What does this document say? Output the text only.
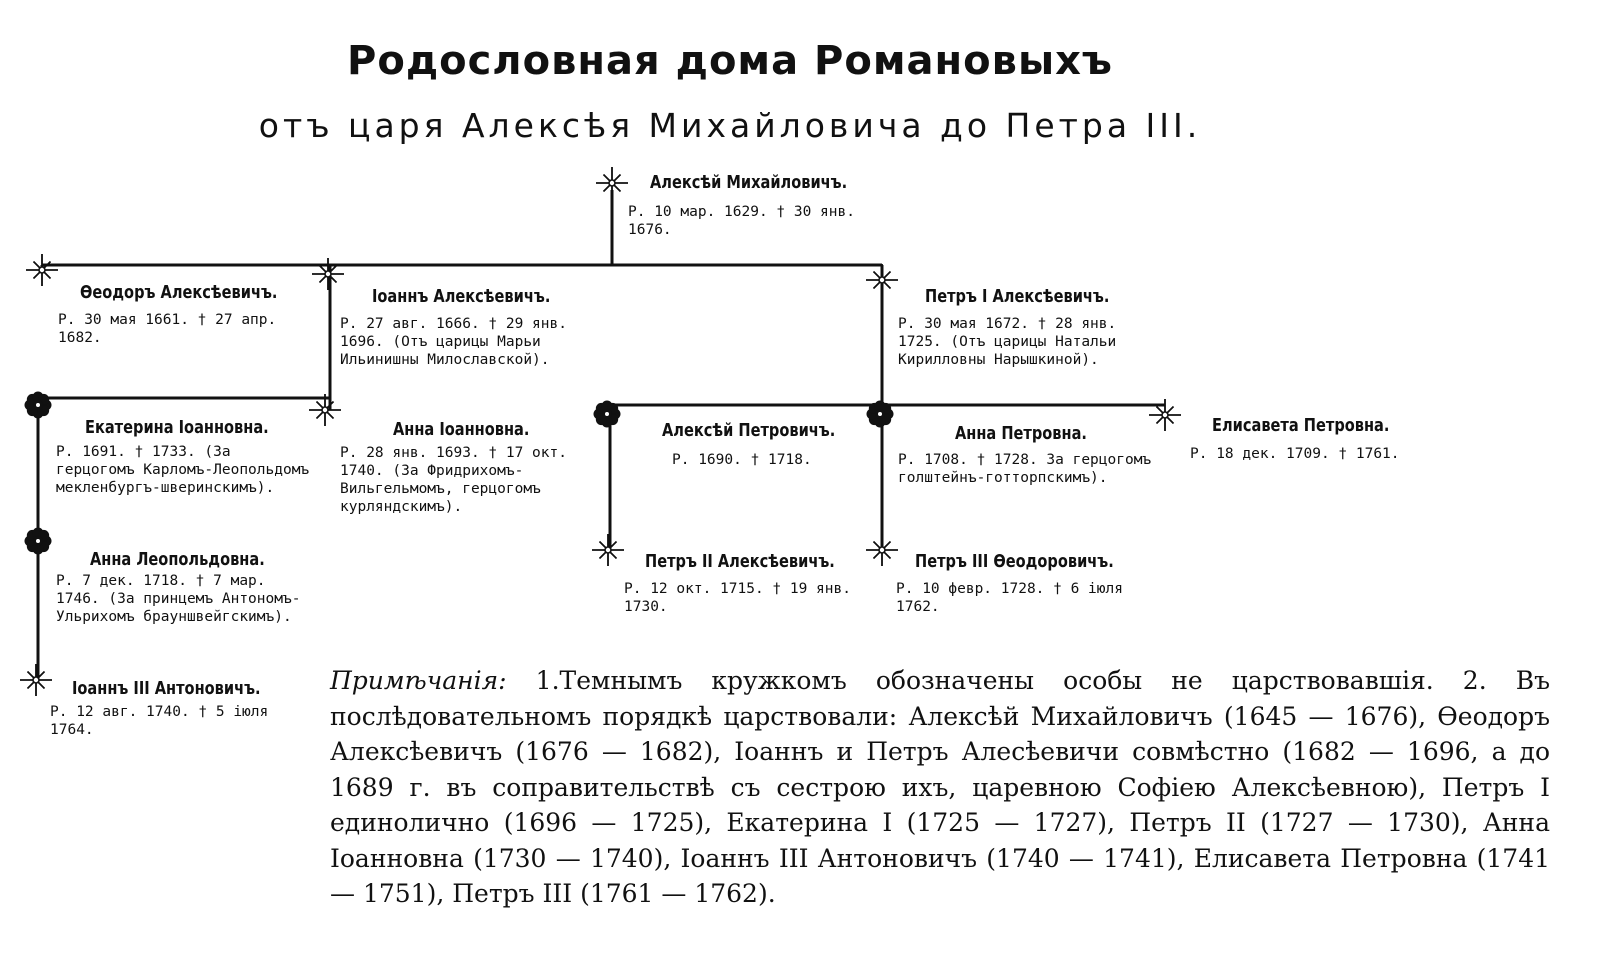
Родословная дома Романовыхъ
отъ царя Алексѣя Михайловича до Петра III.
Алексѣй Михайловичъ.
Р. 10 мар. 1629. † 30 янв. 1676.
Ѳеодоръ Алексѣевичъ.
Р. 30 мая 1661. † 27 апр. 1682.
Іоаннъ Алексѣевичъ.
Р. 27 авг. 1666. † 29 янв. 1696. (Отъ царицы Марьи Ильинишны Милославской).
Петръ I Алексѣевичъ.
Р. 30 мая 1672. † 28 янв. 1725. (Отъ царицы Натальи Кирилловны Нарышкиной).
Екатерина Іоанновна.
Р. 1691. † 1733. (За герцогомъ Карломъ-Леопольдомъ мекленбургъ-шверинскимъ).
Анна Іоанновна.
Р. 28 янв. 1693. † 17 окт. 1740. (За Фридрихомъ-Вильгельмомъ, герцогомъ курляндскимъ).
Алексѣй Петровичъ.
Р. 1690. † 1718.
Анна Петровна.
Р. 1708. † 1728. За герцогомъ голштейнъ-готторпскимъ).
Елисавета Петровна.
Р. 18 дек. 1709. † 1761.
Анна Леопольдовна.
Р. 7 дек. 1718. † 7 мар. 1746. (За принцемъ Антономъ-Ульрихомъ брауншвейгскимъ).
Петръ II Алексѣевичъ.
Р. 12 окт. 1715. † 19 янв. 1730.
Петръ III Ѳеодоровичъ.
Р. 10 февр. 1728. † 6 іюля 1762.
Іоаннъ III Антоновичъ.
Р. 12 авг. 1740. † 5 іюля 1764.
Примѣчанія: 1.Темнымъ кружкомъ обозначены особы не царствовавшія. 2. Въ послѣдовательномъ порядкѣ царствовали: Алексѣй Михайловичъ (1645 — 1676), Ѳеодоръ Алексѣевичъ (1676 — 1682), Іоаннъ и Петръ Алесѣевичи совмѣстно (1682 — 1696, а до 1689 г. въ соправительствѣ съ сестрою ихъ, царевною Софіею Алексѣевною), Петръ I единолично (1696 — 1725), Екатерина I (1725 — 1727), Петръ II (1727 — 1730), Анна Іоанновна (1730 — 1740), Іоаннъ III Антоновичъ (1740 — 1741), Елисавета Петровна (1741 — 1751), Петръ III (1761 — 1762).
